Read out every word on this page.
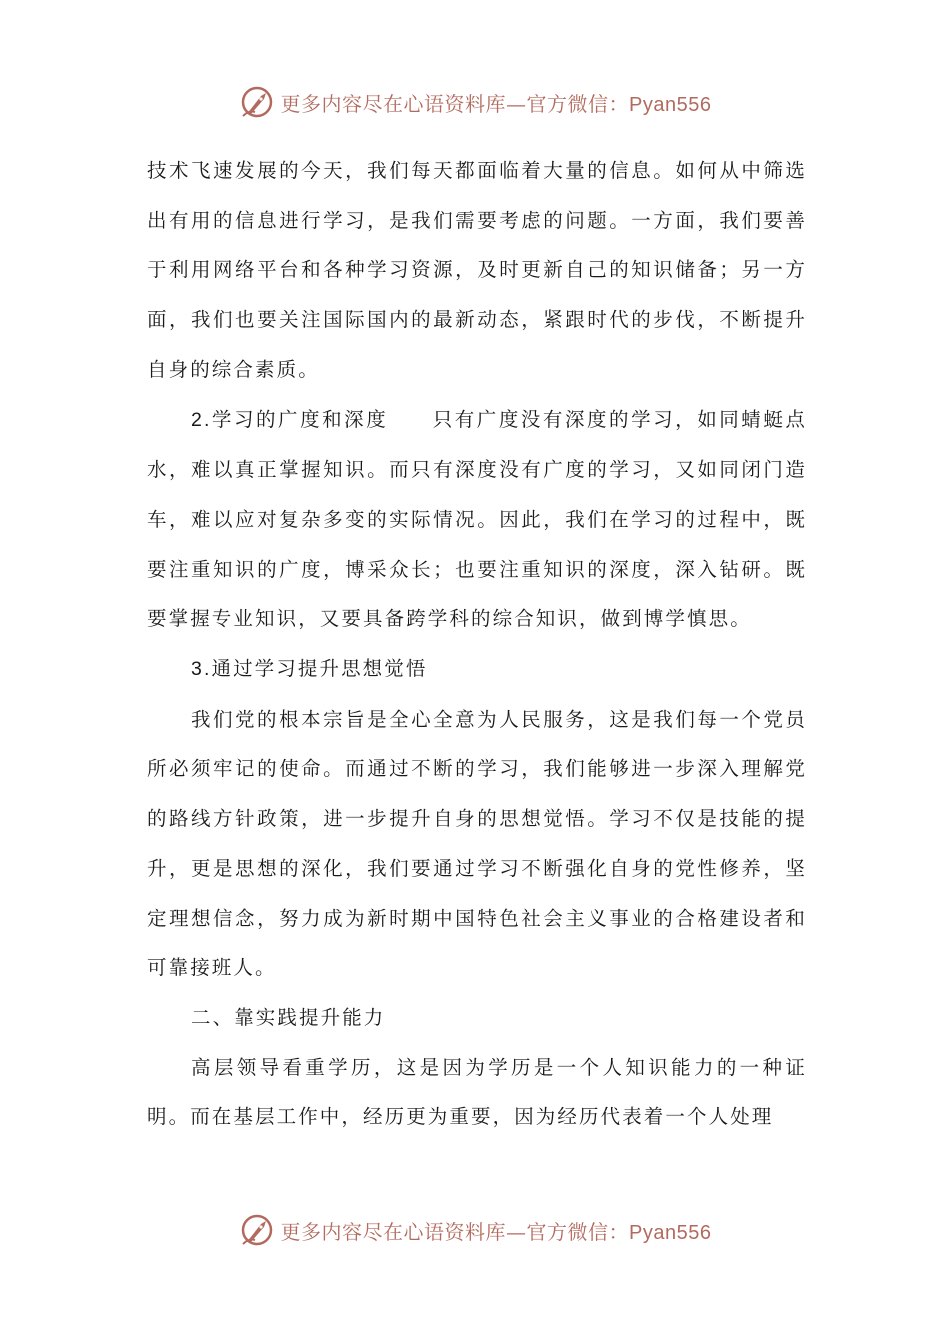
更多内容尽在心语资料库—官方微信：Pyan556

技术飞速发展的今天，我们每天都面临着大量的信息。如何从中筛选出有用的信息进行学习，是我们需要考虑的问题。一方面，我们要善于利用网络平台和各种学习资源，及时更新自己的知识储备；另一方面，我们也要关注国际国内的最新动态，紧跟时代的步伐，不断提升自身的综合素质。

2.学习的广度和深度 只有广度没有深度的学习，如同蜻蜓点水，难以真正掌握知识。而只有深度没有广度的学习，又如同闭门造车，难以应对复杂多变的实际情况。因此，我们在学习的过程中，既要注重知识的广度，博采众长；也要注重知识的深度，深入钻研。既要掌握专业知识，又要具备跨学科的综合知识，做到博学慎思。

3.通过学习提升思想觉悟

我们党的根本宗旨是全心全意为人民服务，这是我们每一个党员所必须牢记的使命。而通过不断的学习，我们能够进一步深入理解党的路线方针政策，进一步提升自身的思想觉悟。学习不仅是技能的提升，更是思想的深化，我们要通过学习不断强化自身的党性修养，坚定理想信念，努力成为新时期中国特色社会主义事业的合格建设者和可靠接班人。

二、靠实践提升能力

高层领导看重学历，这是因为学历是一个人知识能力的一种证明。而在基层工作中，经历更为重要，因为经历代表着一个人处理

更多内容尽在心语资料库—官方微信：Pyan556
